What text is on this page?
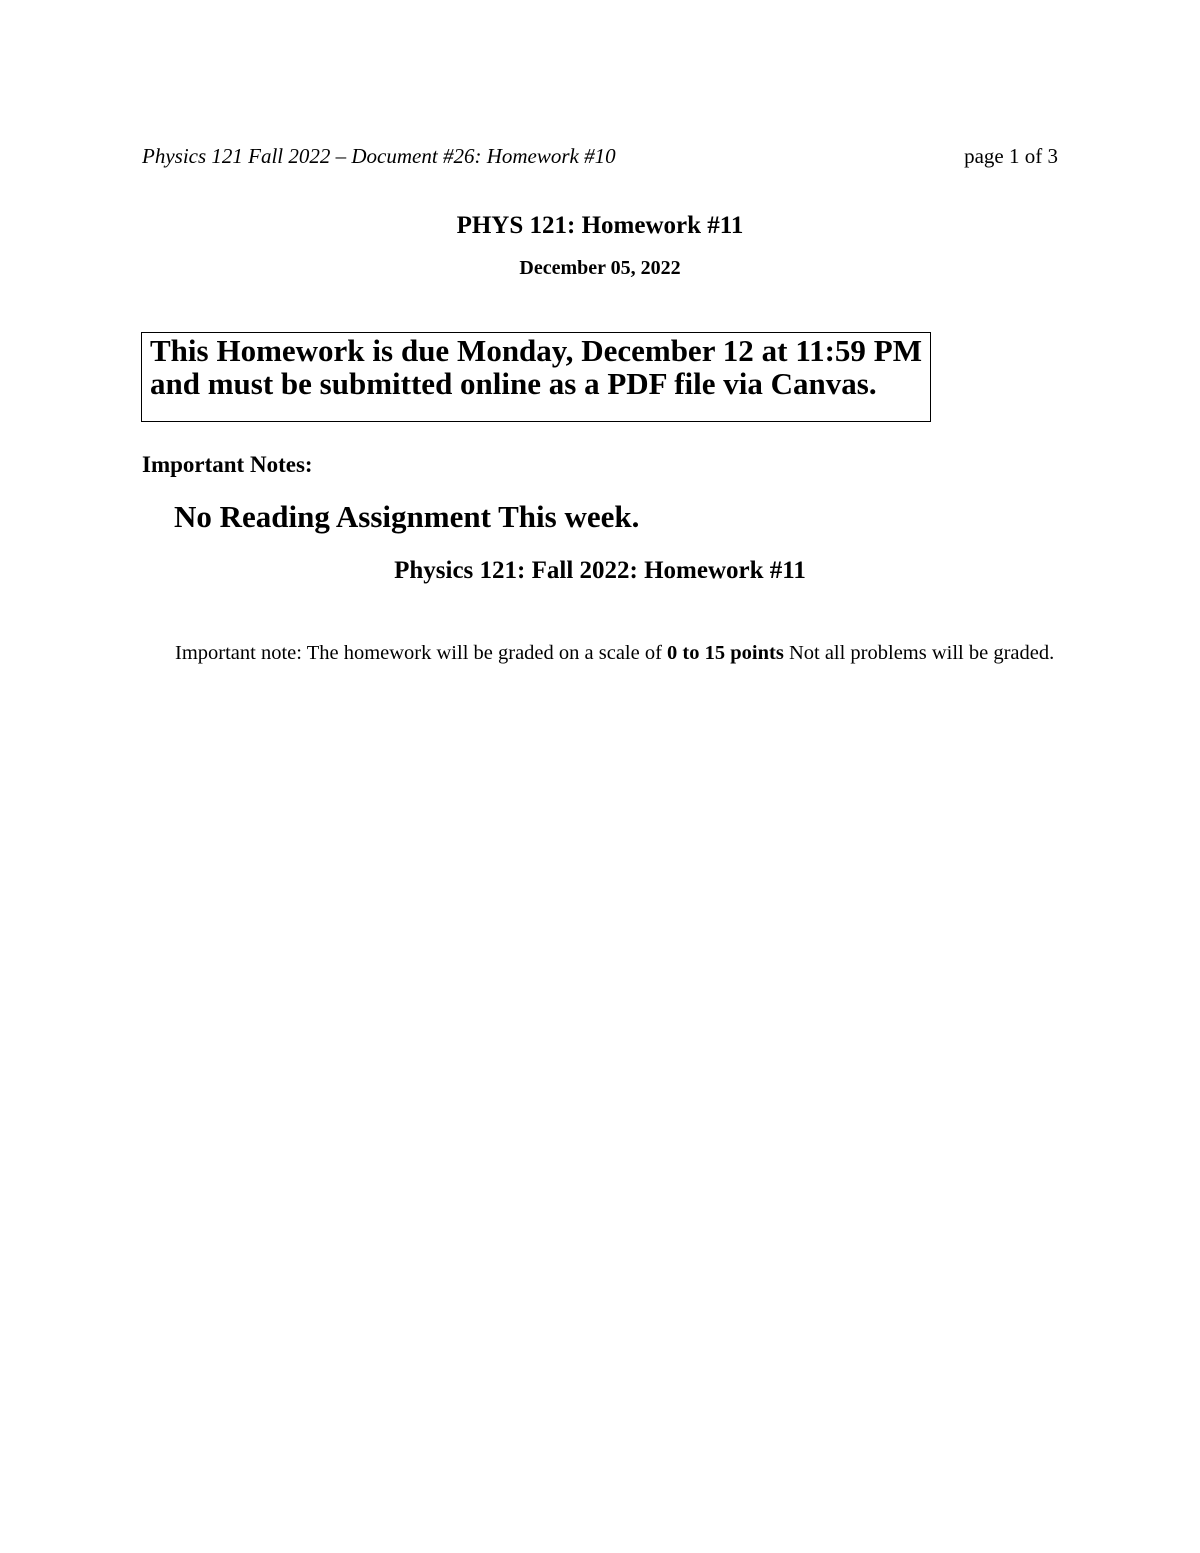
Physics 121 Fall 2022 – Document #26: Homework #10	page 1 of 3
PHYS 121: Homework #11
December 05, 2022
This Homework is due Monday, December 12 at 11:59 PM and must be submitted online as a PDF file via Canvas.
Important Notes:
No Reading Assignment This week.
Physics 121: Fall 2022: Homework #11

Important note: The homework will be graded on a scale of 0 to 15 points Not all problems will be graded.
